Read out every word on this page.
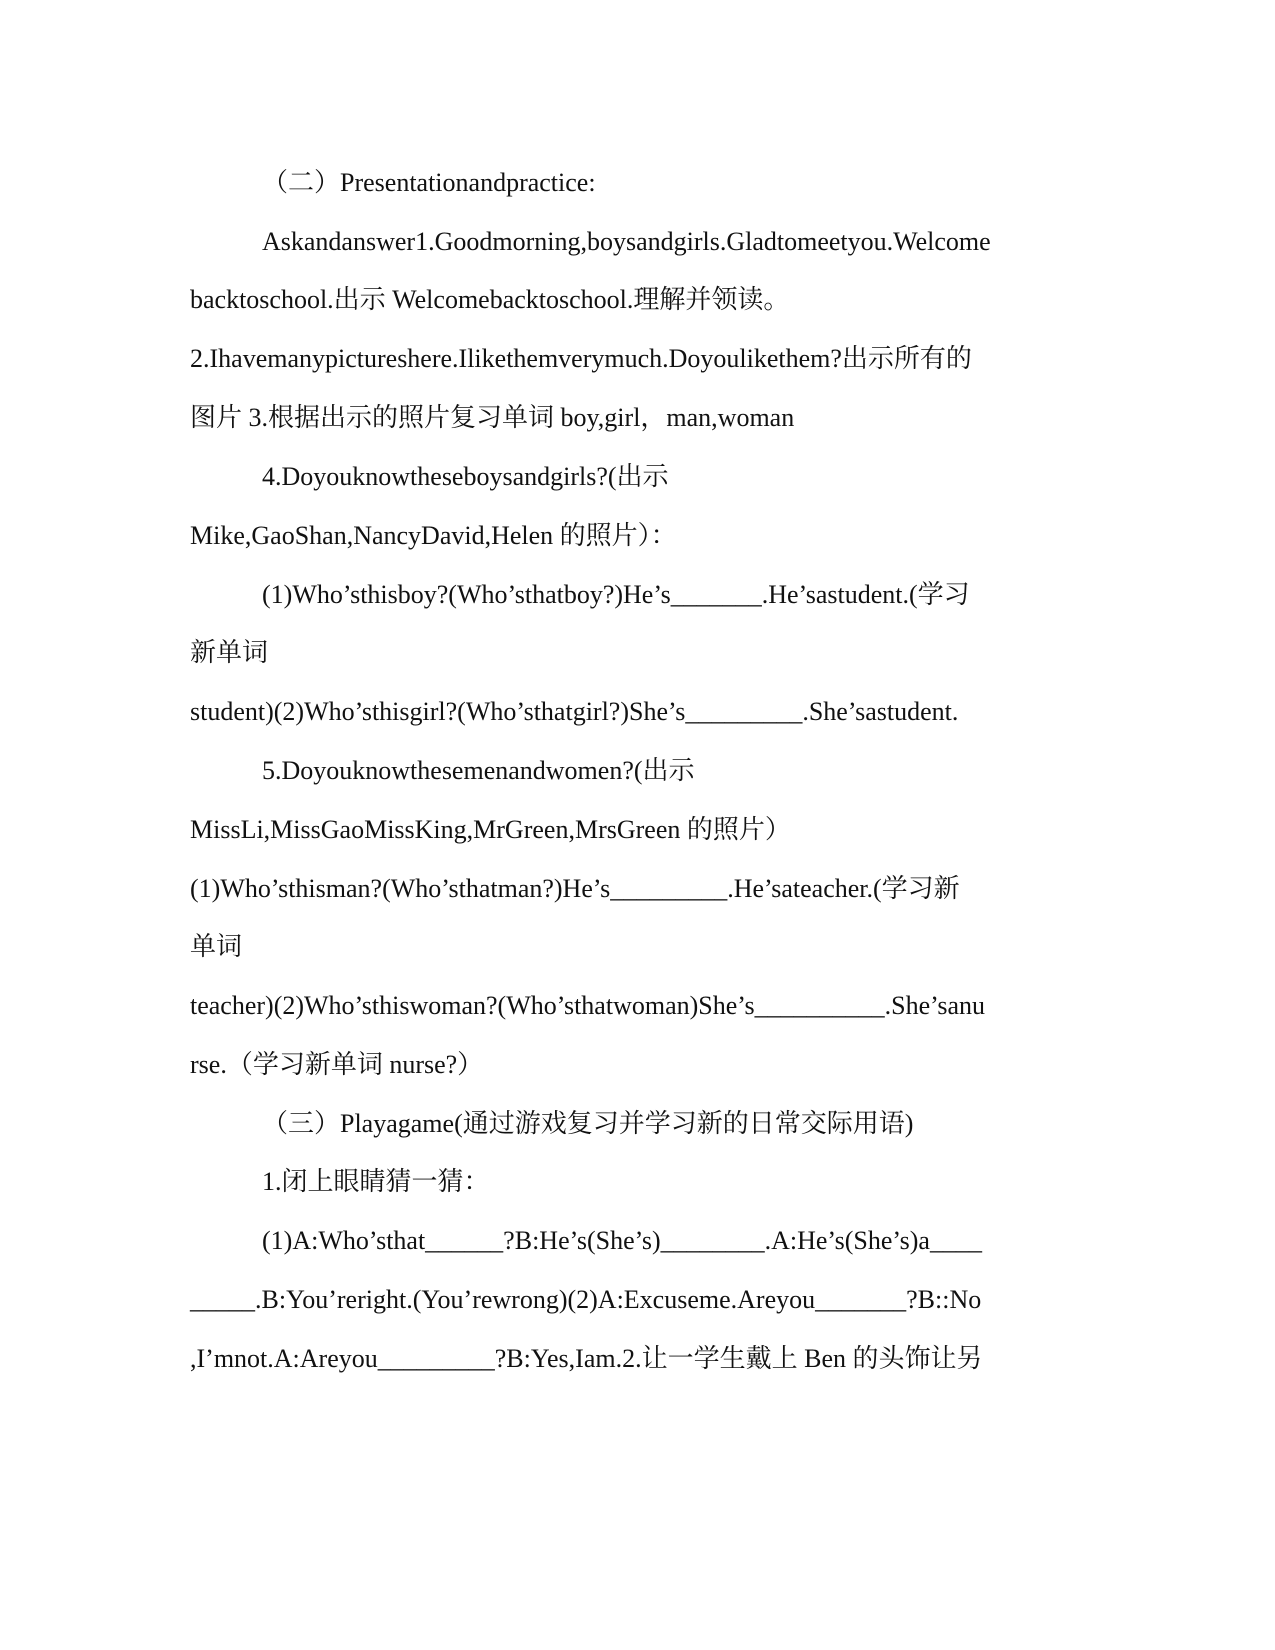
（二）Presentationandpractice:
Askandanswer1.Goodmorning,boysandgirls.Gladtomeetyou.Welcome
backtoschool.出示 Welcomebacktoschool.理解并领读。
2.Ihavemanypictureshere.Ilikethemverymuch.Doyoulikethem?出示所有的
图片 3.根据出示的照片复习单词 boy,girl，man,woman
4.Doyouknowtheseboysandgirls?(出示
Mike,GaoShan,NancyDavid,Helen 的照片）：
(1)Who’sthisboy?(Who’sthatboy?)He’s_______.He’sastudent.(学习
新单词
student)(2)Who’sthisgirl?(Who’sthatgirl?)She’s_________.She’sastudent.
5.Doyouknowthesemenandwomen?(出示
MissLi,MissGaoMissKing,MrGreen,MrsGreen 的照片）
(1)Who’sthisman?(Who’sthatman?)He’s_________.He’sateacher.(学习新
单词
teacher)(2)Who’sthiswoman?(Who’sthatwoman)She’s__________.She’sanu
rse.（学习新单词 nurse?）
（三）Playagame(通过游戏复习并学习新的日常交际用语)
1.闭上眼睛猜一猜：
(1)A:Who’sthat______?B:He’s(She’s)________.A:He’s(She’s)a____
_____.B:You’reright.(You’rewrong)(2)A:Excuseme.Areyou_______?B::No
,I’mnot.A:Areyou_________?B:Yes,Iam.2.让一学生戴上 Ben 的头饰让另
